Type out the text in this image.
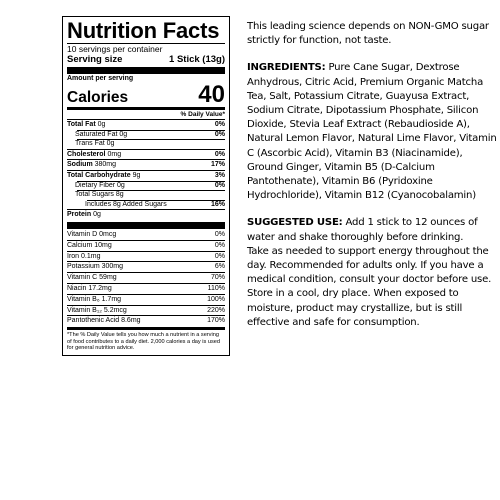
Nutrition Facts
10 servings per container
Serving size	1 Stick (13g)
Amount per serving
Calories	40
% Daily Value*
Total Fat 0g	0%
Saturated Fat 0g	0%
Trans Fat 0g
Cholesterol 0mg	0%
Sodium 380mg	17%
Total Carbohydrate 9g	3%
Dietary Fiber 0g	0%
Total Sugars 8g
Includes 8g Added Sugars	16%
Protein 0g
Vitamin D 0mcg	0%
Calcium 10mg	0%
Iron 0.1mg	0%
Potassium 300mg	6%
Vitamin C 59mg	70%
Niacin 17.2mg	110%
Vitamin B₆ 1.7mg	100%
Vitamin B₁₂ 5.2mcg	220%
Pantothenic Acid 8.6mg	170%
*The % Daily Value tells you how much a nutrient in a serving of food contributes to a daily diet. 2,000 calories a day is used for general nutrition advice.

This leading science depends on NON-GMO sugar strictly for function, not taste.

INGREDIENTS: Pure Cane Sugar, Dextrose Anhydrous, Citric Acid, Premium Organic Matcha Tea, Salt, Potassium Citrate, Guayusa Extract, Sodium Citrate, Dipotassium Phosphate, Silicon Dioxide, Stevia Leaf Extract (Rebaudioside A), Natural Lemon Flavor, Natural Lime Flavor, Vitamin C (Ascorbic Acid), Vitamin B3 (Niacinamide), Ground Ginger, Vitamin B5 (D-Calcium Pantothenate), Vitamin B6 (Pyridoxine Hydrochloride), Vitamin B12 (Cyanocobalamin)

SUGGESTED USE: Add 1 stick to 12 ounces of water and shake thoroughly before drinking.

Take as needed to support energy throughout the day. Recommended for adults only. If you have a medical condition, consult your doctor before use. Store in a cool, dry place. When exposed to moisture, product may crystallize, but is still effective and safe for consumption.
